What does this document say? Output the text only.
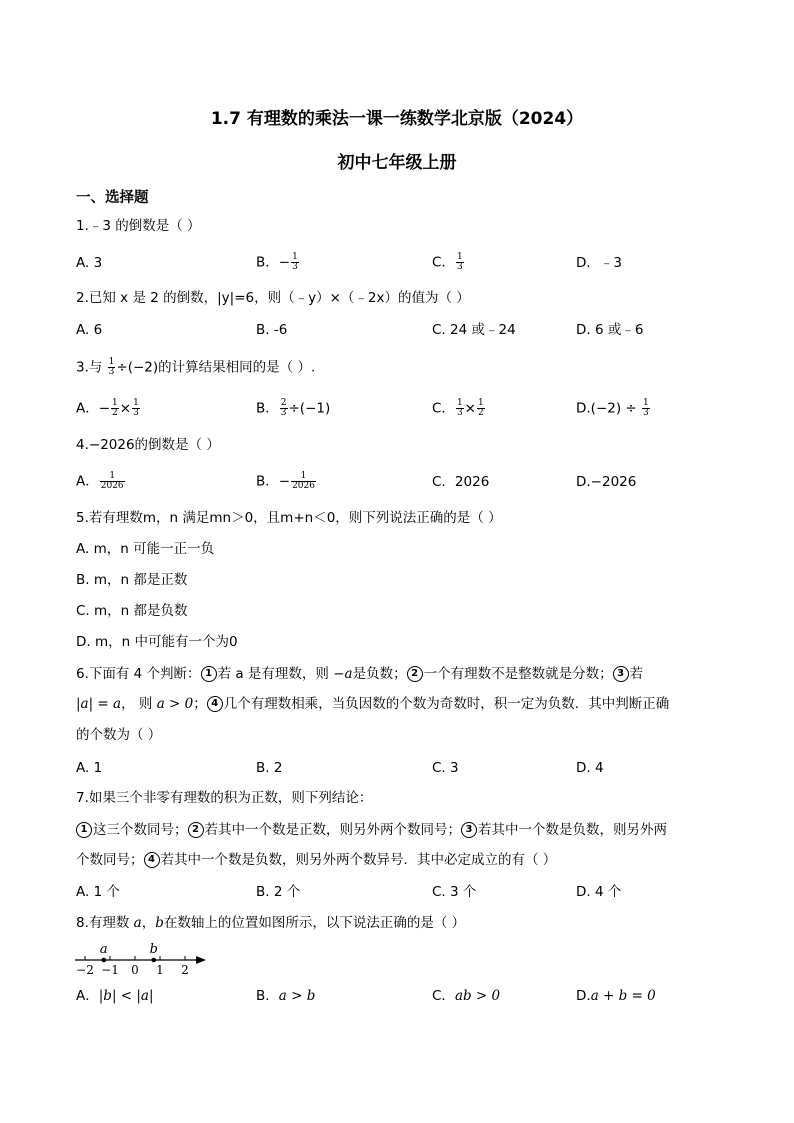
1.7 有理数的乘法一课一练数学北京版（2024）
初中七年级上册
一、选择题
1.﹣3 的倒数是（ ）
A. 3	B．− $\frac{1}{3}$	C． $\frac{1}{3}$	D．﹣3
2.已知 x 是 2 的倒数，|y|=6，则（﹣y）×（﹣2x）的值为（ ）
A. 6	B. -6	C. 24 或﹣24	D. 6 或﹣6
3.与 $\frac{1}{3} \div(-2)$的计算结果相同的是（ ）.
A．− $\frac{1}{2} \times \frac{1}{3}$	B． $\frac{2}{3} \div(-1)$	C． $\frac{1}{3} \times \frac{1}{2}$	$D.(-2) \div \frac{1}{3}$
4.−2026的倒数是（ ）
A． $\frac{1}{2026}$	B．− $\frac{1}{2026}$	C．2026	D.−2026
5.若有理数m，n 满足mn＞0，且m+n＜0，则下列说法正确的是（ ）
A. m，n 可能一正一负
B. m，n 都是正数
C. m，n 都是负数
D. m，n 中可能有一个为0
6.下面有 4 个判断： 1 若 a 是有理数，则 −a是负数； 2 一个有理数不是整数就是分数； 3 若
|a| = a， 则 a > 0； 4 几个有理数相乘，当负因数的个数为奇数时，积一定为负数．其中判断正确
的个数为（ ）
A. 1	B. 2	C. 3	D. 4
7.如果三个非零有理数的积为正数，则下列结论：
1 这三个数同号； 2 若其中一个数是正数，则另外两个数同号； 3 若其中一个数是负数，则另外两
个数同号； 4 若其中一个数是负数，则另外两个数异号．其中必定成立的有（ ）
A. 1 个	B. 2 个	C. 3 个	D. 4 个
8.有理数 a，b在数轴上的位置如图所示，以下说法正确的是（ ）
−2 −1 0 1 2
a	b
A．|b| < |a|	B．a > b	C．ab > 0	D.a + b = 0
